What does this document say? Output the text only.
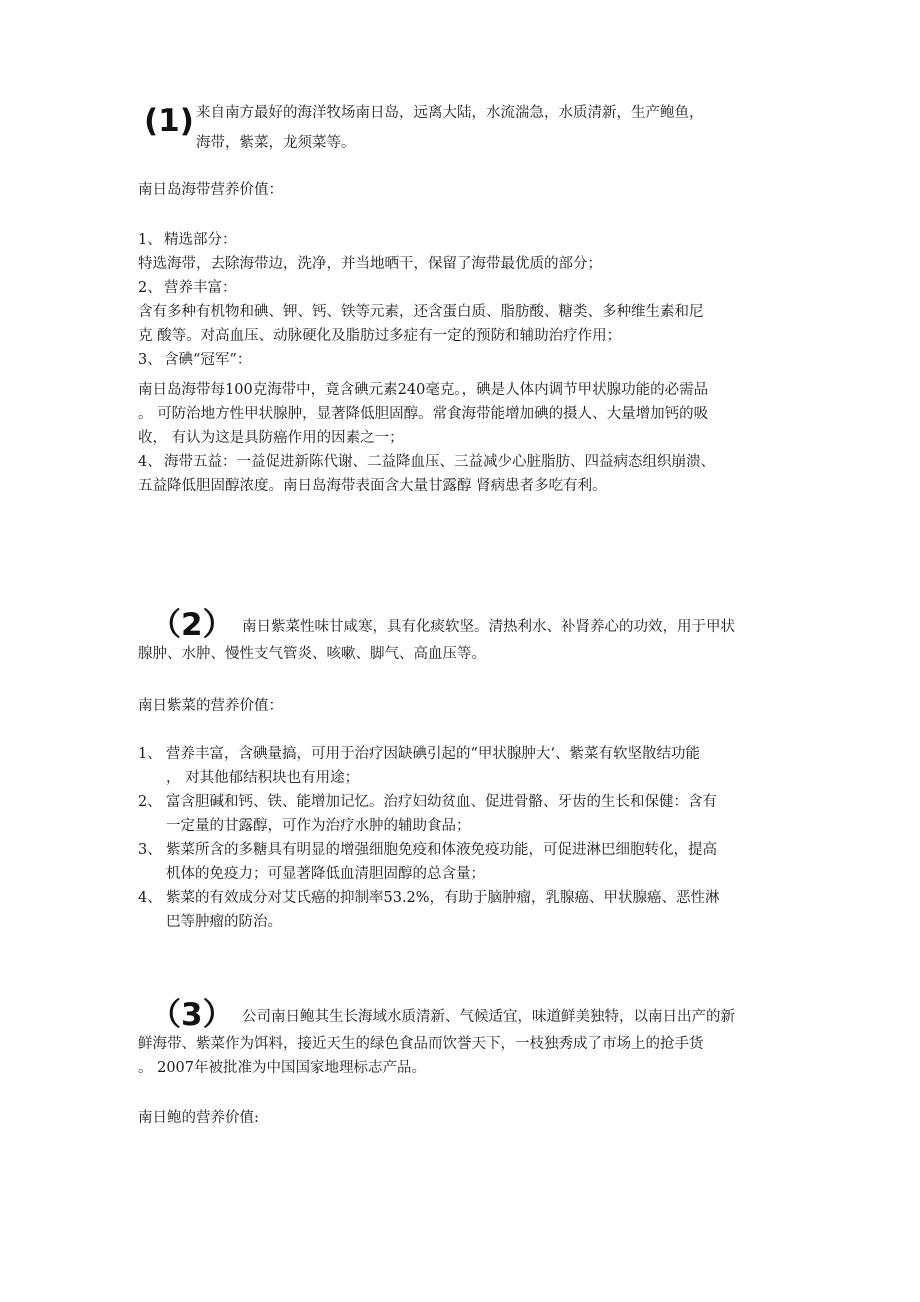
(1) 来自南方最好的海洋牧场南日岛，远离大陆，水流湍急，水质清新，生产鲍鱼，
海带，紫菜，龙须菜等。
南日岛海带营养价值：
1、 精选部分：
特选海带，去除海带边，洗净，并当地晒干，保留了海带最优质的部分；
2、 营养丰富：
含有多种有机物和碘、钾、钙、铁等元素，还含蛋白质、脂肪酸、糖类、多种维生素和尼
克 酸等。对高血压、动脉硬化及脂肪过多症有一定的预防和辅助治疗作用；
3、 含碘“冠军”：
南日岛海带每100克海带中，竟含碘元素240毫克。，碘是人体内调节甲状腺功能的必需品
。 可防治地方性甲状腺肿，显著降低胆固醇。常食海带能增加碘的摄人、大量增加钙的吸
收， 有认为这是具防癌作用的因素之一；
4、 海带五益：一益促进新陈代谢、二益降血压、三益减少心脏脂肪、四益病态组织崩溃、
五益降低胆固醇浓度。南日岛海带表面含大量甘露醇 肾病患者多吃有利。
（2） 南日紫菜性味甘咸寒，具有化痰软坚。清热利水、补肾养心的功效，用于甲状
腺肿、水肿、慢性支气管炎、咳嗽、脚气、高血压等。
南日紫菜的营养价值：
1、 营养丰富，含碘量搞，可用于治疗因缺碘引起的“甲状腺肿大‘、紫菜有软坚散结功能
， 对其他郁结积块也有用途；
2、 富含胆碱和钙、铁、能增加记忆。治疗妇幼贫血、促进骨骼、牙齿的生长和保健：含有
一定量的甘露醇，可作为治疗水肿的辅助食品；
3、 紫菜所含的多糖具有明显的增强细胞免疫和体液免疫功能，可促进淋巴细胞转化，提高
机体的免疫力；可显著降低血清胆固醇的总含量；
4、 紫菜的有效成分对艾氏癌的抑制率53.2%，有助于脑肿瘤，乳腺癌、甲状腺癌、恶性淋
巴等肿瘤的防治。
（3） 公司南日鲍其生长海域水质清新、气候适宜，味道鲜美独特，以南日出产的新
鲜海带、紫菜作为饵料，接近天生的绿色食品而饮誉天下，一枝独秀成了市场上的抢手货
。 2007年被批准为中国国家地理标志产品。
南日鲍的营养价值:
